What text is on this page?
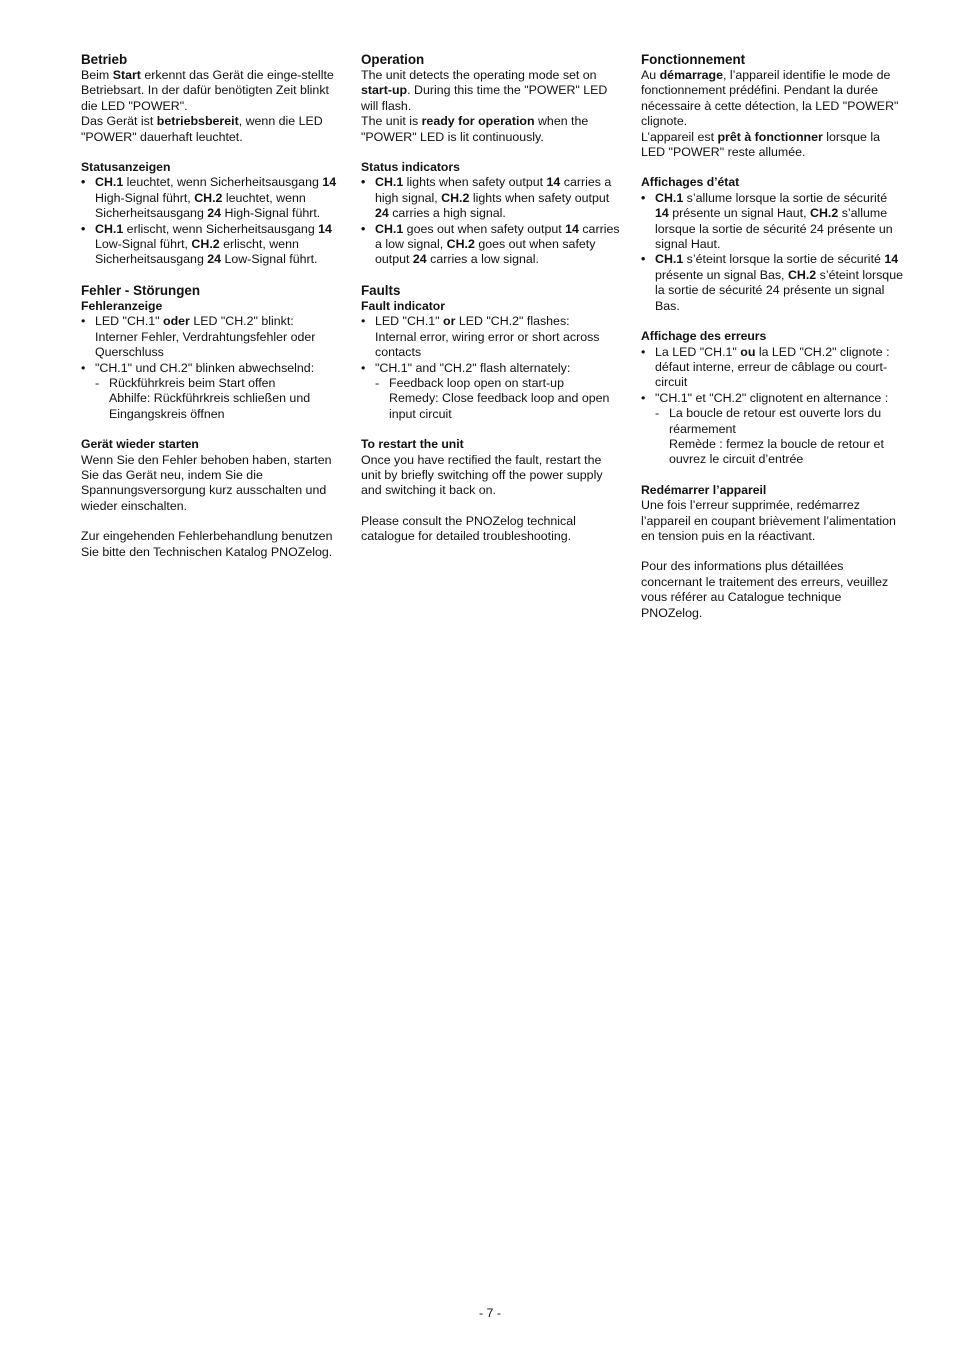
Betrieb

Beim Start erkennt das Gerät die einge-stellte Betriebsart. In der dafür benötigten Zeit blinkt die LED "POWER".

Das Gerät ist betriebsbereit, wenn die LED "POWER" dauerhaft leuchtet.

Statusanzeigen
• CH.1 leuchtet, wenn Sicherheitsausgang 14 High-Signal führt, CH.2 leuchtet, wenn Sicherheitsausgang 24 High-Signal führt.
• CH.1 erlischt, wenn Sicherheitsausgang 14 Low-Signal führt, CH.2 erlischt, wenn Sicherheitsausgang 24 Low-Signal führt.
Fehler - Störungen
Fehleranzeige
• LED "CH.1" oder LED "CH.2" blinkt:
Interner Fehler, Verdrahtungsfehler oder Querschluss
• "CH.1" und CH.2" blinken abwechselnd:
- Rückführkreis beim Start offen
Abhilfe: Rückführkreis schließen und Eingangskreis öffnen
Gerät wieder starten

Wenn Sie den Fehler behoben haben, starten Sie das Gerät neu, indem Sie die Spannungsversorgung kurz ausschalten und wieder einschalten.

Zur eingehenden Fehlerbehandlung benutzen Sie bitte den Technischen Katalog PNOZelog.

Operation

The unit detects the operating mode set on start-up. During this time the "POWER" LED will flash.

The unit is ready for operation when the "POWER" LED is lit continuously.

Status indicators
• CH.1 lights when safety output 14 carries a high signal, CH.2 lights when safety output 24 carries a high signal.
• CH.1 goes out when safety output 14 carries a low signal, CH.2 goes out when safety output 24 carries a low signal.
Faults
Fault indicator
• LED "CH.1" or LED "CH.2" flashes:
Internal error, wiring error or short across contacts
• "CH.1" and "CH.2" flash alternately:
- Feedback loop open on start-up
Remedy: Close feedback loop and open input circuit
To restart the unit

Once you have rectified the fault, restart the unit by briefly switching off the power supply and switching it back on.

Please consult the PNOZelog technical catalogue for detailed troubleshooting.

Fonctionnement

Au démarrage, l’appareil identifie le mode de fonctionnement prédéfini. Pendant la durée nécessaire à cette détection, la LED "POWER" clignote.

L’appareil est prêt à fonctionner lorsque la LED "POWER" reste allumée.

Affichages d’état
• CH.1 s’allume lorsque la sortie de sécurité 14 présente un signal Haut, CH.2 s’allume lorsque la sortie de sécurité 24 présente un signal Haut.
• CH.1 s’éteint lorsque la sortie de sécurité 14 présente un signal Bas, CH.2 s’éteint lorsque la sortie de sécurité 24 présente un signal Bas.
Affichage des erreurs
• La LED "CH.1" ou la LED "CH.2" clignote :
défaut interne, erreur de câblage ou court-circuit
• "CH.1" et "CH.2" clignotent en alternance :
- La boucle de retour est ouverte lors du réarmement
Remède : fermez la boucle de retour et ouvrez le circuit d’entrée
Redémarrer l’appareil

Une fois l’erreur supprimée, redémarrez l’appareil en coupant brièvement l’alimentation en tension puis en la réactivant.

Pour des informations plus détaillées concernant le traitement des erreurs, veuillez vous référer au Catalogue technique PNOZelog.

- 7 -
